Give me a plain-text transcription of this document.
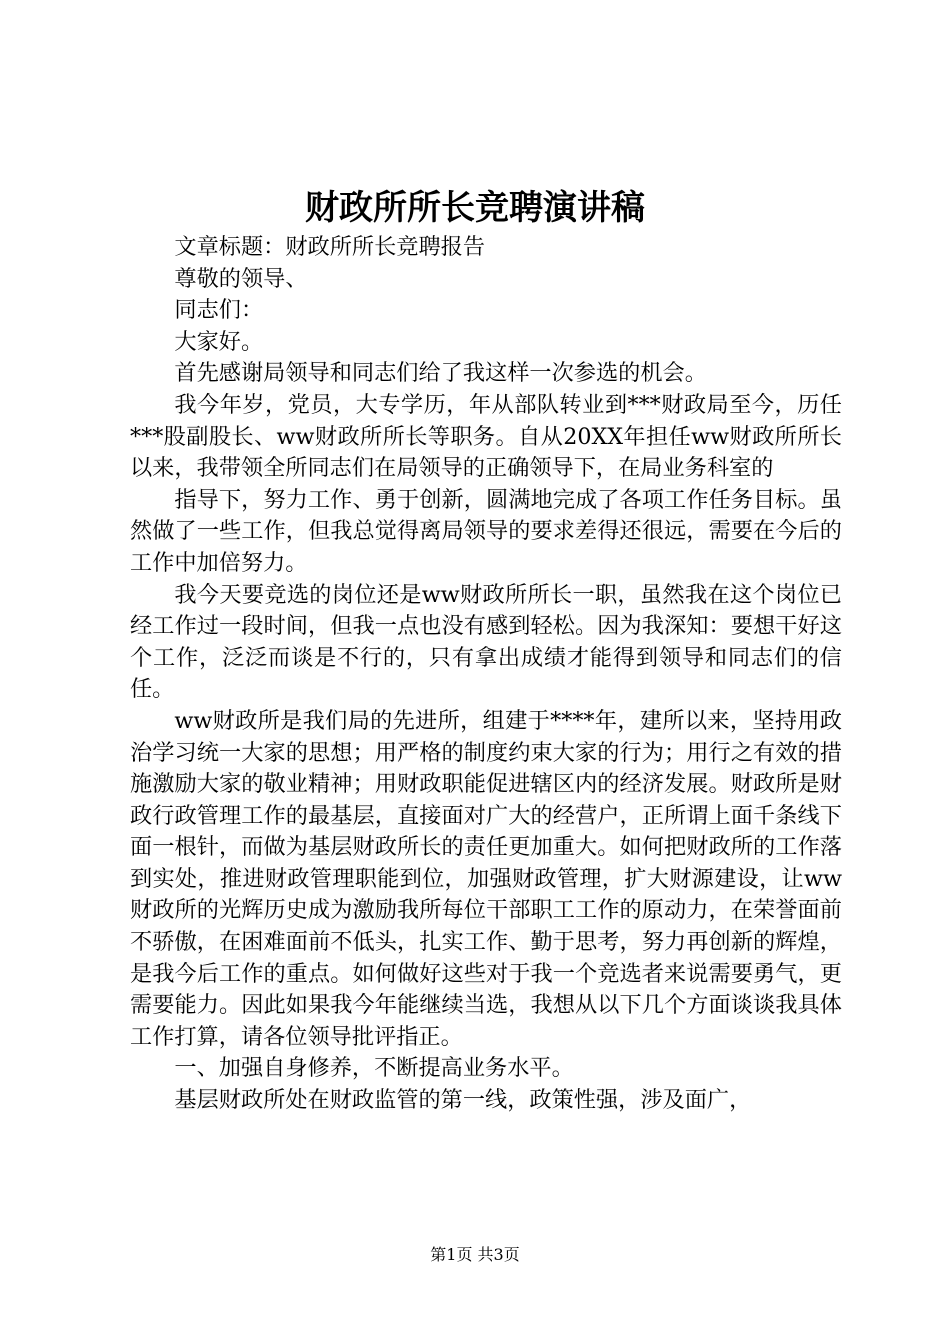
财政所所长竞聘演讲稿

文章标题：财政所所长竞聘报告

尊敬的领导、

同志们：

大家好。

首先感谢局领导和同志们给了我这样一次参选的机会。

我今年岁，党员，大专学历，年从部队转业到***财政局至今，历任***股副股长、ww财政所所长等职务。自从20XX年担任ww财政所所长以来，我带领全所同志们在局领导的正确领导下，在局业务科室的

指导下，努力工作、勇于创新，圆满地完成了各项工作任务目标。虽然做了一些工作，但我总觉得离局领导的要求差得还很远，需要在今后的工作中加倍努力。

我今天要竞选的岗位还是ww财政所所长一职，虽然我在这个岗位已经工作过一段时间，但我一点也没有感到轻松。因为我深知：要想干好这个工作，泛泛而谈是不行的，只有拿出成绩才能得到领导和同志们的信任。

ww财政所是我们局的先进所，组建于****年，建所以来，坚持用政治学习统一大家的思想；用严格的制度约束大家的行为；用行之有效的措施激励大家的敬业精神；用财政职能促进辖区内的经济发展。财政所是财政行政管理工作的最基层，直接面对广大的经营户，正所谓上面千条线下面一根针，而做为基层财政所长的责任更加重大。如何把财政所的工作落到实处，推进财政管理职能到位，加强财政管理，扩大财源建设，让ww财政所的光辉历史成为激励我所每位干部职工工作的原动力，在荣誉面前不骄傲，在困难面前不低头，扎实工作、勤于思考，努力再创新的辉煌，是我今后工作的重点。如何做好这些对于我一个竞选者来说需要勇气，更需要能力。因此如果我今年能继续当选，我想从以下几个方面谈谈我具体工作打算，请各位领导批评指正。

一、加强自身修养，不断提高业务水平。

基层财政所处在财政监管的第一线，政策性强，涉及面广，

第1页 共3页
